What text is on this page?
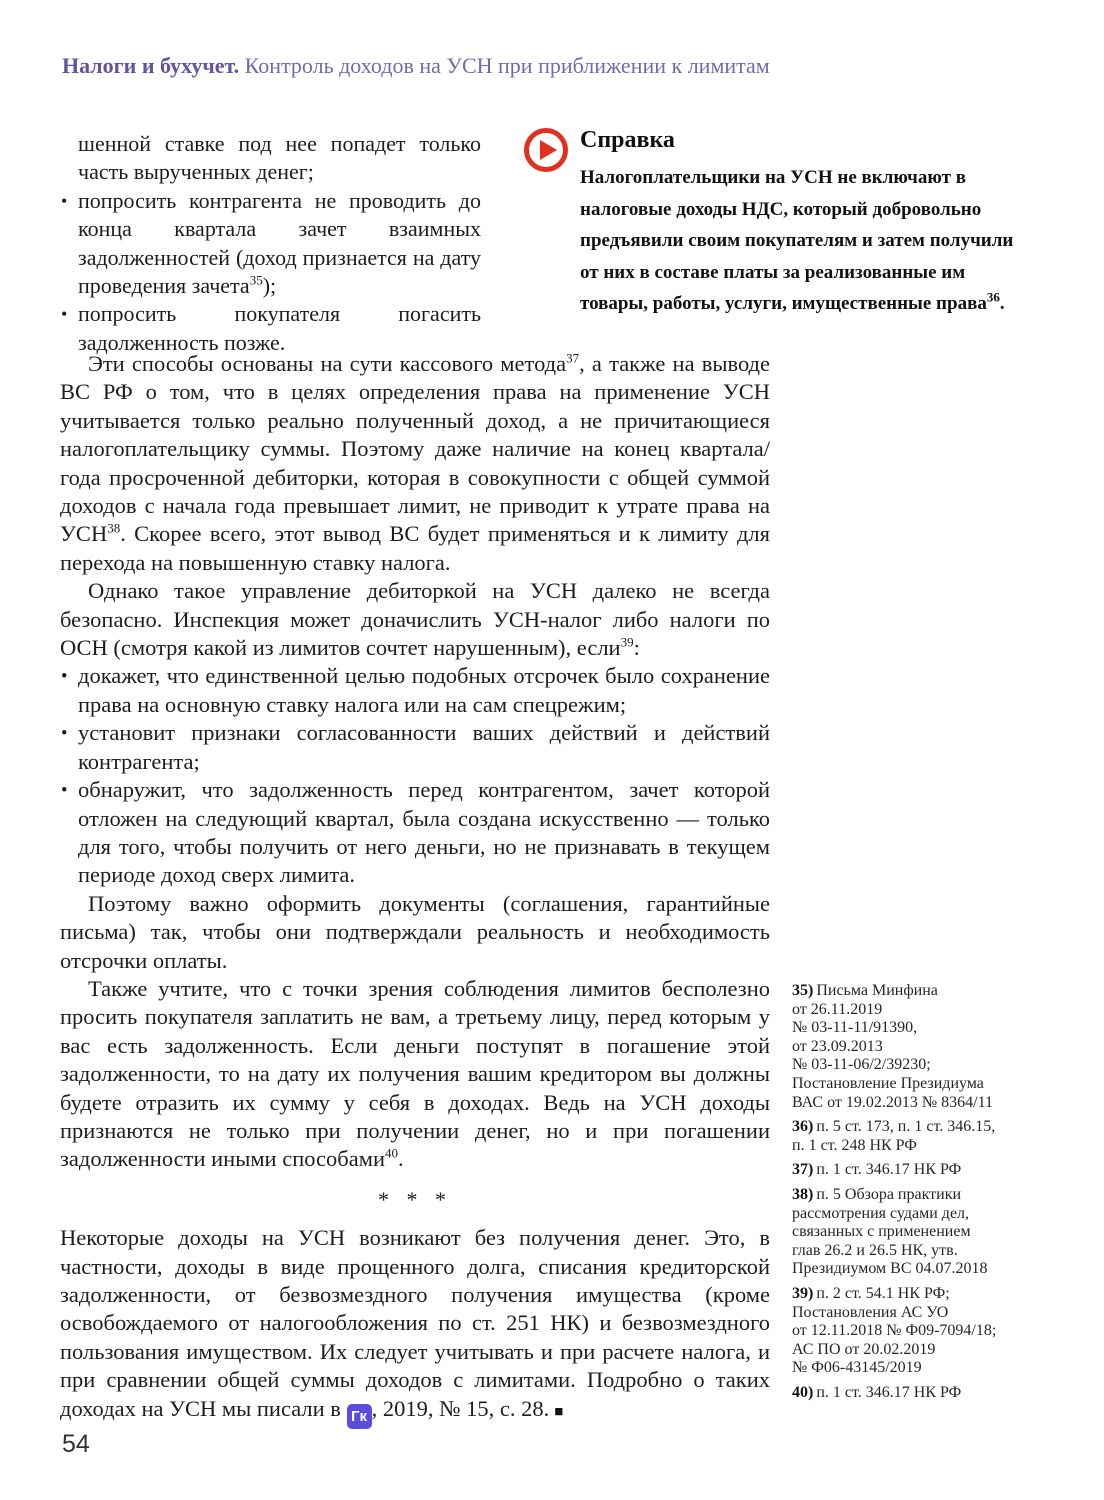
Налоги и бухучет. Контроль доходов на УСН при приближении к лимитам
шенной ставке под нее попадет только часть вырученных денег;
• попросить контрагента не проводить до конца квартала зачет взаимных задолженностей (доход признается на дату проведения зачета$^{35}$);
• попросить покупателя погасить задолженность позже.

Справка

Налогоплательщики на УСН не включают в налоговые доходы НДС, который добровольно предъявили своим покупателям и затем получили от них в составе платы за реализованные им товары, работы, услуги, имущественные права$^{36}$.

Эти способы основаны на сути кассового метода$^{37}$, а также на выводе ВС РФ о том, что в целях определения права на применение УСН учитывается только реально полученный доход, а не причитающиеся налогоплательщику суммы. Поэтому даже наличие на конец квартала/года просроченной дебиторки, которая в совокупности с общей суммой доходов с начала года превышает лимит, не приводит к утрате права на УСН$^{38}$. Скорее всего, этот вывод ВС будет применяться и к лимиту для перехода на повышенную ставку налога.

Однако такое управление дебиторкой на УСН далеко не всегда безопасно. Инспекция может доначислить УСН-налог либо налоги по ОСН (смотря какой из лимитов сочтет нарушенным), если$^{39}$:

• докажет, что единственной целью подобных отсрочек было сохранение права на основную ставку налога или на сам спецрежим;
• установит признаки согласованности ваших действий и действий контрагента;
• обнаружит, что задолженность перед контрагентом, зачет которой отложен на следующий квартал, была создана искусственно — только для того, чтобы получить от него деньги, но не признавать в текущем периоде доход сверх лимита.

Поэтому важно оформить документы (соглашения, гарантийные письма) так, чтобы они подтверждали реальность и необходимость отсрочки оплаты.

Также учтите, что с точки зрения соблюдения лимитов бесполезно просить покупателя заплатить не вам, а третьему лицу, перед которым у вас есть задолженность. Если деньги поступят в погашение этой задолженности, то на дату их получения вашим кредитором вы должны будете отразить их сумму у себя в доходах. Ведь на УСН доходы признаются не только при получении денег, но и при погашении задолженности иными способами$^{40}$.

* * *

Некоторые доходы на УСН возникают без получения денег. Это, в частности, доходы в виде прощенного долга, списания кредиторской задолженности, от безвозмездного получения имущества (кроме освобождаемого от налогообложения по ст. 251 НК) и безвозмездного пользования имуществом. Их следует учитывать и при расчете налога, и при сравнении общей суммы доходов с лимитами. Подробно о таких доходах на УСН мы писали в Гк , 2019, № 15, с. 28. ■

35) Письма Минфина
от 26.11.2019
№ 03-11-11/91390,
от 23.09.2013
№ 03-11-06/2/39230;
Постановление Президиума
ВАС от 19.02.2013 № 8364/11
36) п. 5 ст. 173, п. 1 ст. 346.15,
п. 1 ст. 248 НК РФ
37) п. 1 ст. 346.17 НК РФ
38) п. 5 Обзора практики
рассмотрения судами дел,
связанных с применением
глав 26.2 и 26.5 НК, утв.
Президиумом ВС 04.07.2018
39) п. 2 ст. 54.1 НК РФ;
Постановления АС УО
от 12.11.2018 № Ф09-7094/18;
АС ПО от 20.02.2019
№ Ф06-43145/2019
40) п. 1 ст. 346.17 НК РФ
54
